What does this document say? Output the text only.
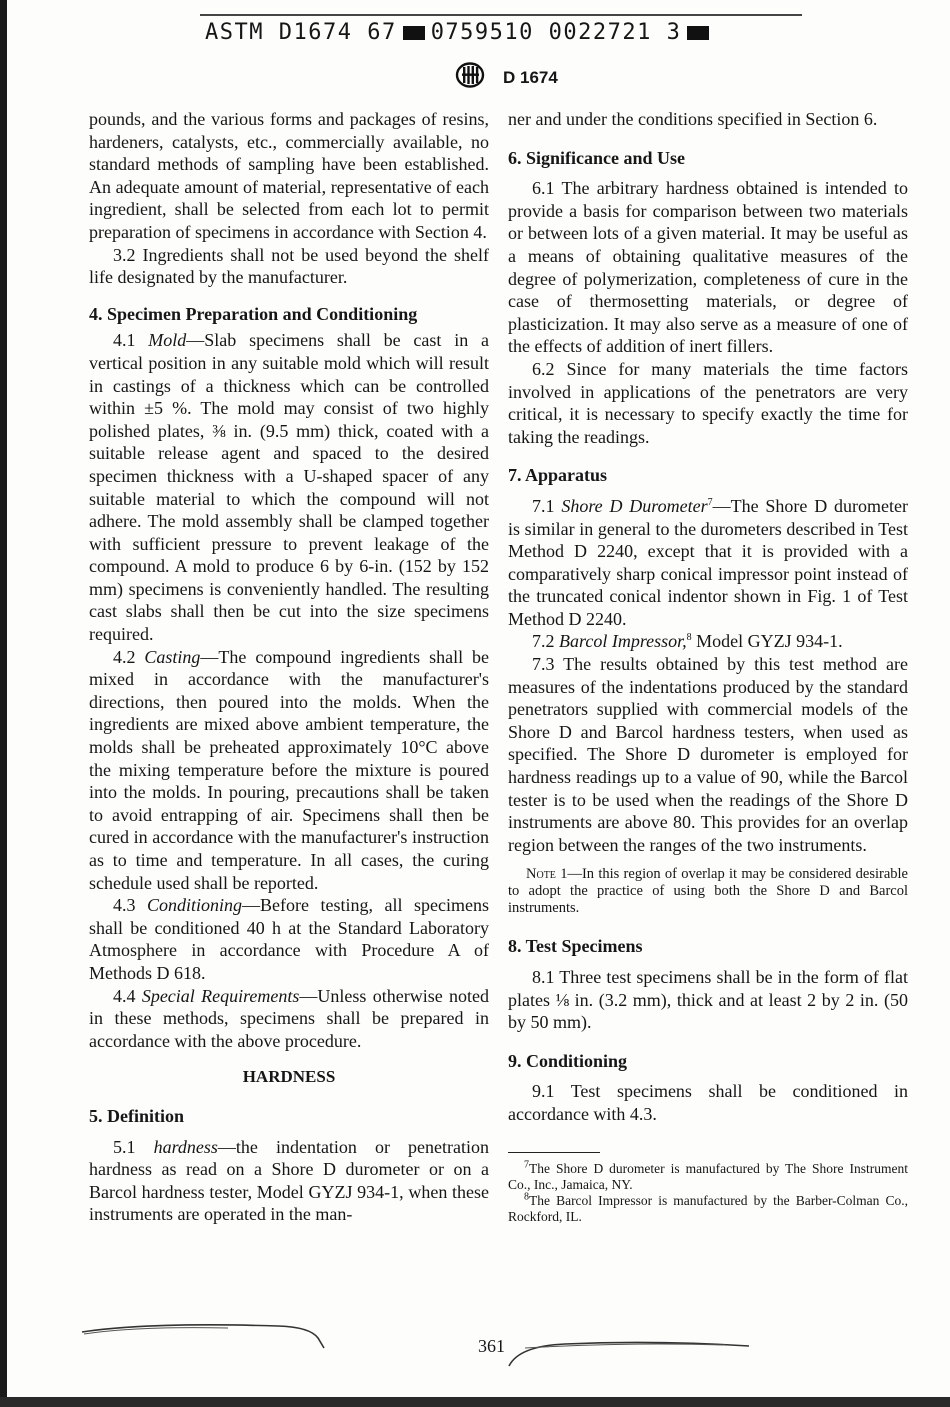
ASTM D1674 67 0759510 0022721 3
D 1674

pounds, and the various forms and packages of resins, hardeners, catalysts, etc., commercially available, no standard methods of sampling have been established. An adequate amount of material, representative of each ingredient, shall be selected from each lot to permit preparation of specimens in accordance with Section 4.

3.2 Ingredients shall not be used beyond the shelf life designated by the manufacturer.

4. Specimen Preparation and Conditioning

4.1 Mold—Slab specimens shall be cast in a vertical position in any suitable mold which will result in castings of a thickness which can be controlled within ±5 %. The mold may consist of two highly polished plates, ⅜ in. (9.5 mm) thick, coated with a suitable release agent and spaced to the desired specimen thickness with a U-shaped spacer of any suitable material to which the compound will not adhere. The mold assembly shall be clamped together with sufficient pressure to prevent leakage of the compound. A mold to produce 6 by 6-in. (152 by 152 mm) specimens is conveniently handled. The resulting cast slabs shall then be cut into the size specimens required.

4.2 Casting—The compound ingredients shall be mixed in accordance with the manufacturer's directions, then poured into the molds. When the ingredients are mixed above ambient temperature, the molds shall be preheated approximately 10°C above the mixing temperature before the mixture is poured into the molds. In pouring, precautions shall be taken to avoid entrapping of air. Specimens shall then be cured in accordance with the manufacturer's instruction as to time and temperature. In all cases, the curing schedule used shall be reported.

4.3 Conditioning—Before testing, all specimens shall be conditioned 40 h at the Standard Laboratory Atmosphere in accordance with Procedure A of Methods D 618.

4.4 Special Requirements—Unless otherwise noted in these methods, specimens shall be prepared in accordance with the above procedure.

HARDNESS
5. Definition

5.1 hardness—the indentation or penetration hardness as read on a Shore D durometer or on a Barcol hardness tester, Model GYZJ 934-1, when these instruments are operated in the man-

ner and under the conditions specified in Section 6.

6. Significance and Use

6.1 The arbitrary hardness obtained is intended to provide a basis for comparison between two materials or between lots of a given material. It may be useful as a means of obtaining qualitative measures of the degree of polymerization, completeness of cure in the case of thermosetting materials, or degree of plasticization. It may also serve as a measure of one of the effects of addition of inert fillers.

6.2 Since for many materials the time factors involved in applications of the penetrators are very critical, it is necessary to specify exactly the time for taking the readings.

7. Apparatus

7.1 Shore D Durometer$^7$—The Shore D durometer is similar in general to the durometers described in Test Method D 2240, except that it is provided with a comparatively sharp conical impressor point instead of the truncated conical indentor shown in Fig. 1 of Test Method D 2240.

7.2 Barcol Impressor,$^8$ Model GYZJ 934-1.

7.3 The results obtained by this test method are measures of the indentations produced by the standard penetrators supplied with commercial models of the Shore D and Barcol hardness testers, when used as specified. The Shore D durometer is employed for hardness readings up to a value of 90, while the Barcol tester is to be used when the readings of the Shore D instruments are above 80. This provides for an overlap region between the ranges of the two instruments.

Note 1—In this region of overlap it may be considered desirable to adopt the practice of using both the Shore D and Barcol instruments.

8. Test Specimens

8.1 Three test specimens shall be in the form of flat plates ⅛ in. (3.2 mm), thick and at least 2 by 2 in. (50 by 50 mm).

9. Conditioning

9.1 Test specimens shall be conditioned in accordance with 4.3.

$^7$The Shore D durometer is manufactured by The Shore Instrument Co., Inc., Jamaica, NY.

$^8$The Barcol Impressor is manufactured by the Barber-Colman Co., Rockford, IL.

361
